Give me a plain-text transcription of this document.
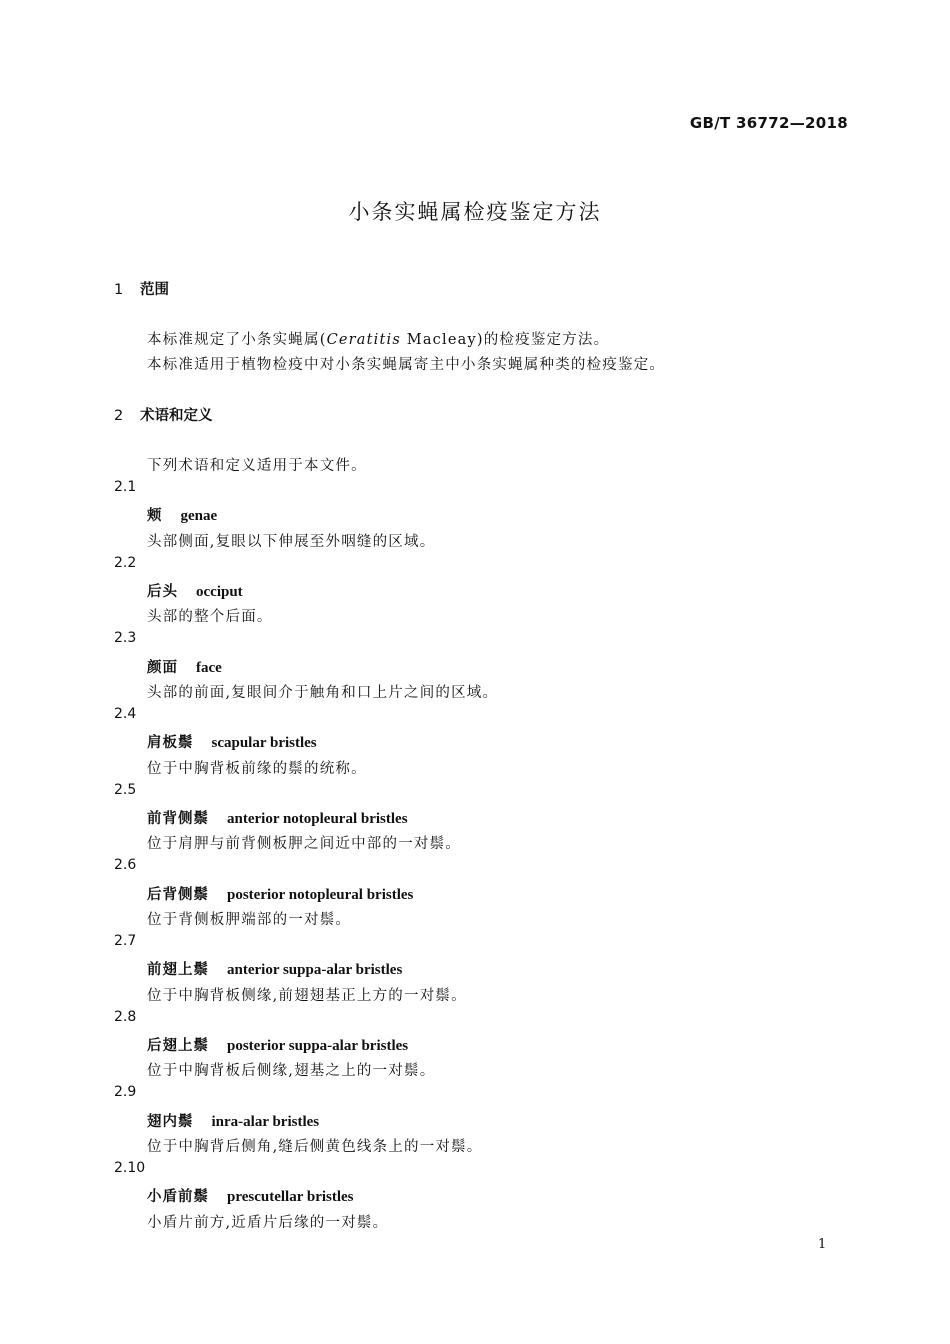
GB/T 36772—2018
小条实蝇属检疫鉴定方法
1 范围
本标准规定了小条实蝇属(Ceratitis Macleay)的检疫鉴定方法。
本标准适用于植物检疫中对小条实蝇属寄主中小条实蝇属种类的检疫鉴定。
2 术语和定义
下列术语和定义适用于本文件。
2.1
颊 genae
头部侧面,复眼以下伸展至外咽缝的区域。
2.2
后头 occiput
头部的整个后面。
2.3
颜面 face
头部的前面,复眼间介于触角和口上片之间的区域。
2.4
肩板鬃 scapular bristles
位于中胸背板前缘的鬃的统称。
2.5
前背侧鬃 anterior notopleural bristles
位于肩胛与前背侧板胛之间近中部的一对鬃。
2.6
后背侧鬃 posterior notopleural bristles
位于背侧板胛端部的一对鬃。
2.7
前翅上鬃 anterior suppa-alar bristles
位于中胸背板侧缘,前翅翅基正上方的一对鬃。
2.8
后翅上鬃 posterior suppa-alar bristles
位于中胸背板后侧缘,翅基之上的一对鬃。
2.9
翅内鬃 inra-alar bristles
位于中胸背后侧角,缝后侧黄色线条上的一对鬃。
2.10
小盾前鬃 prescutellar bristles
小盾片前方,近盾片后缘的一对鬃。
1
